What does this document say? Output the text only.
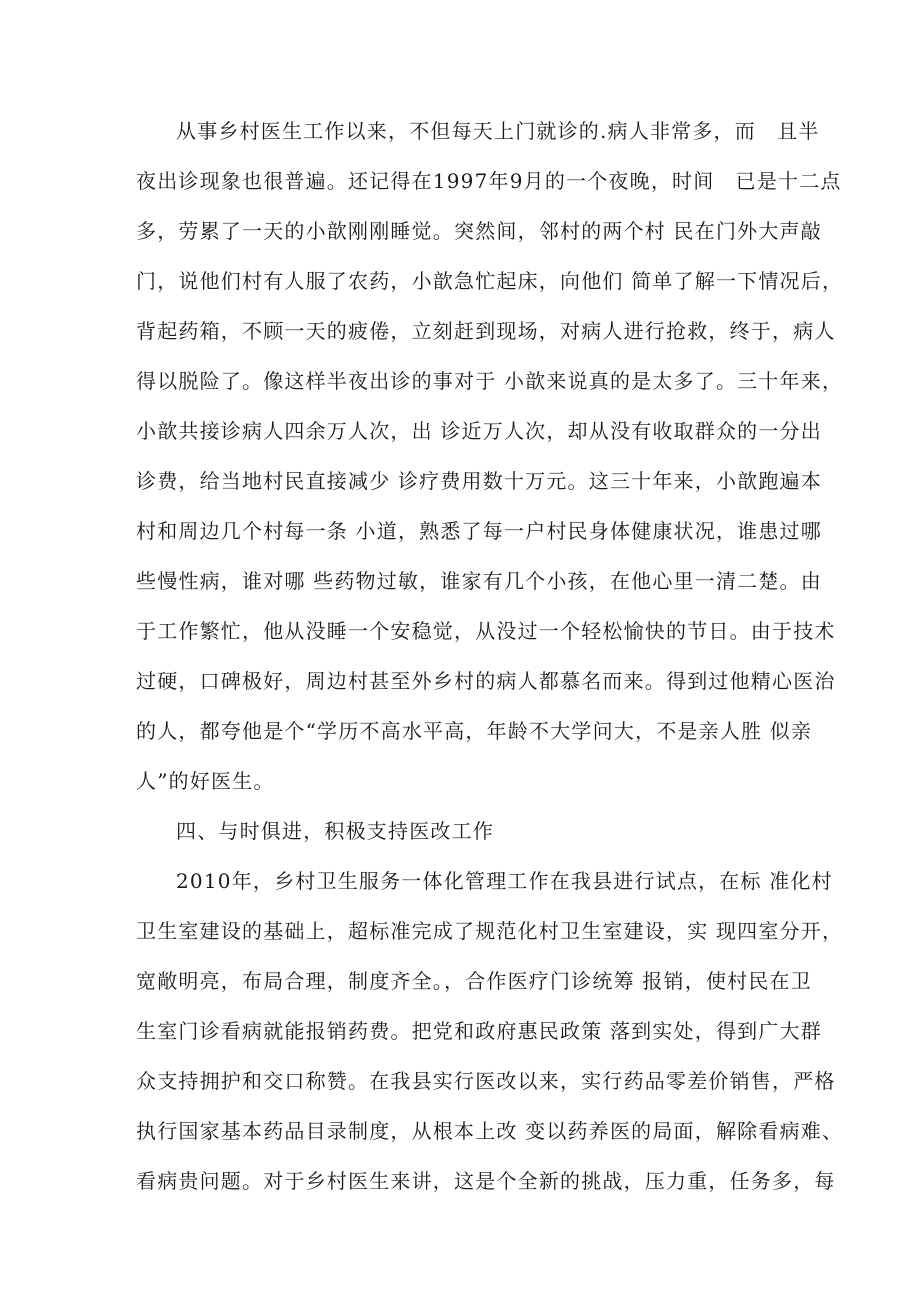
从事乡村医生工作以来，不但每天上门就诊的.病人非常多，而　且半
夜出诊现象也很普遍。还记得在1997年9月的一个夜晚，时间　已是十二点
多，劳累了一天的小歆刚刚睡觉。突然间，邻村的两个村 民在门外大声敲
门，说他们村有人服了农药，小歆急忙起床，向他们 简单了解一下情况后，
背起药箱，不顾一天的疲倦，立刻赶到现场，对病人进行抢救，终于，病人
得以脱险了。像这样半夜出诊的事对于 小歆来说真的是太多了。三十年来，
小歆共接诊病人四余万人次，出 诊近万人次，却从没有收取群众的一分出
诊费，给当地村民直接减少 诊疗费用数十万元。这三十年来，小歆跑遍本
村和周边几个村每一条 小道，熟悉了每一户村民身体健康状况，谁患过哪
些慢性病，谁对哪 些药物过敏，谁家有几个小孩，在他心里一清二楚。由
于工作繁忙，他从没睡一个安稳觉，从没过一个轻松愉快的节日。由于技术
过硬，口碑极好，周边村甚至外乡村的病人都慕名而来。得到过他精心医治
的人，都夸他是个“学历不高水平高，年龄不大学问大，不是亲人胜 似亲
人”的好医生。
四、与时俱进，积极支持医改工作
2010年，乡村卫生服务一体化管理工作在我县进行试点，在标 准化村
卫生室建设的基础上，超标准完成了规范化村卫生室建设，实 现四室分开，
宽敞明亮，布局合理，制度齐全。，合作医疗门诊统筹 报销，使村民在卫
生室门诊看病就能报销药费。把党和政府惠民政策 落到实处，得到广大群
众支持拥护和交口称赞。在我县实行医改以来，实行药品零差价销售，严格
执行国家基本药品目录制度，从根本上改 变以药养医的局面，解除看病难、
看病贵问题。对于乡村医生来讲，这是个全新的挑战，压力重，任务多，每
